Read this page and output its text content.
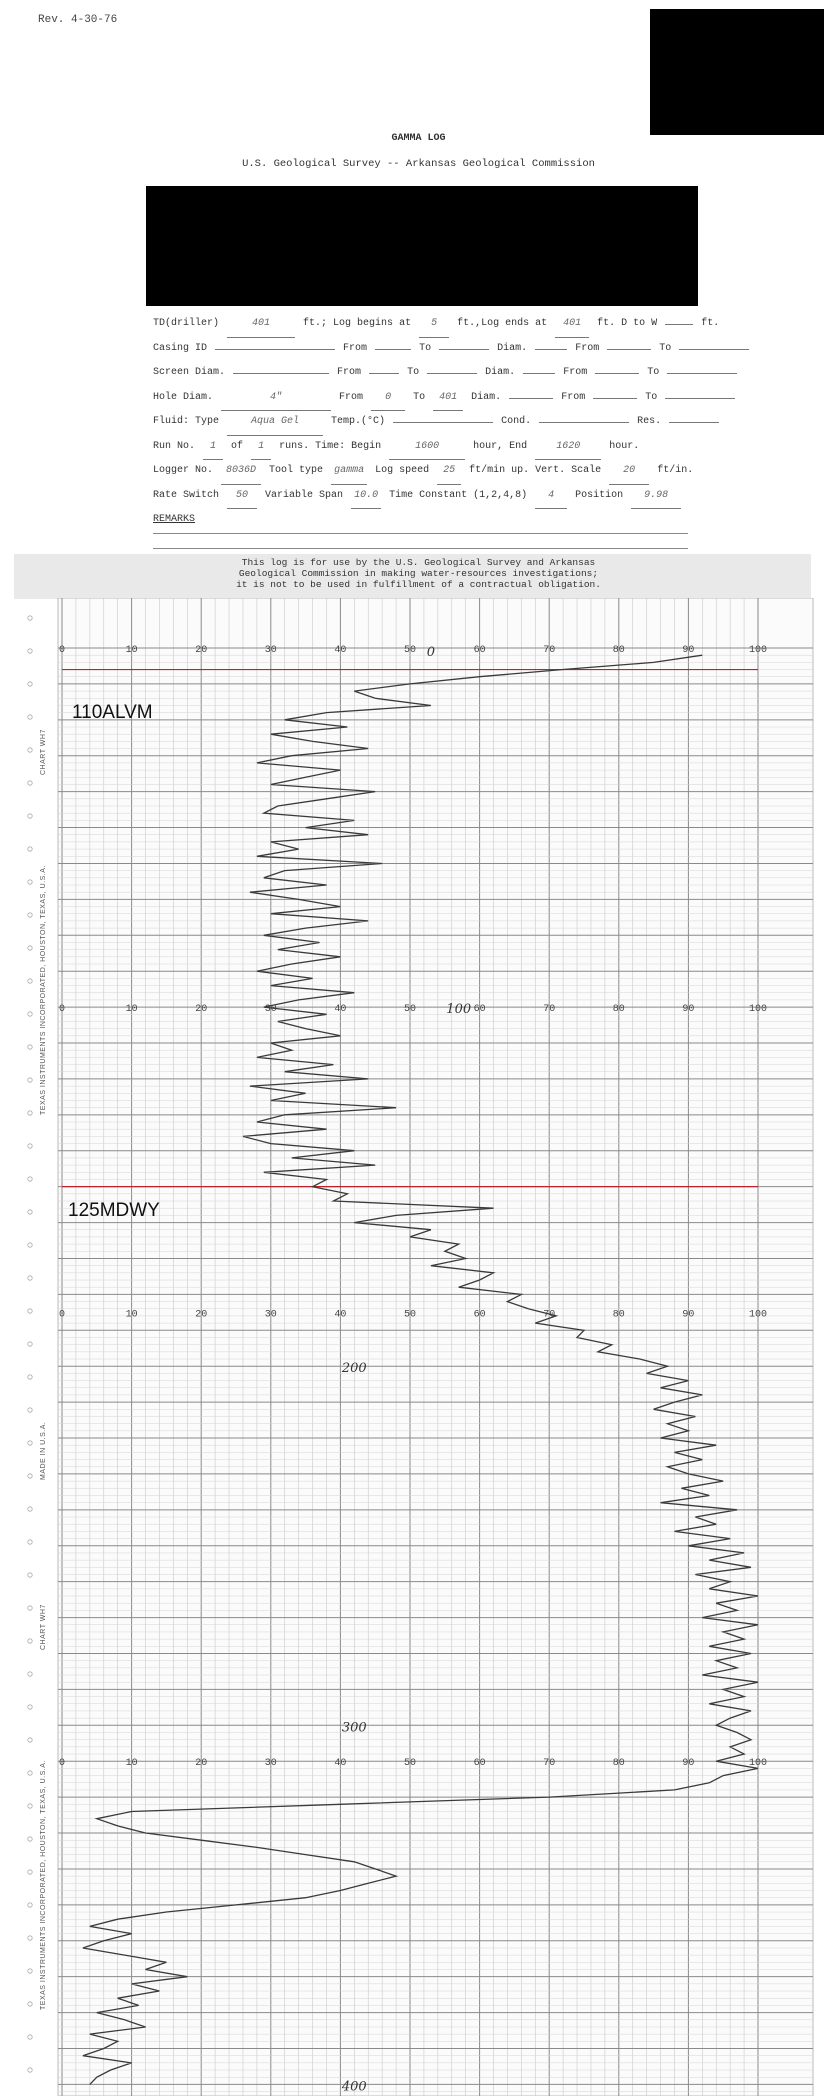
Rev. 4-30-76
GAMMA LOG
U.S. Geological Survey -- Arkansas Geological Commission
TD(driller)	401	ft.; Log begins at 5 ft.,Log ends at 401 ft. D to W	ft.
Casing ID	From	To	Diam.	From	To
Screen Diam.	From	To	Diam.	From	To
Hole Diam.	4"	From 0 To 401 Diam.	From	To
Fluid: Type	Aqua Gel	Temp.(°C)	Cond.	Res.
Run No. 1 of 1 runs. Time: Begin	1600	hour, End	1620	hour.
Logger No. 8036D Tool type gamma Log speed 25 ft/min up. Vert. Scale 20 ft/in.
Rate Switch 50 Variable Span 10.0 Time Constant (1,2,4,8) 4 Position 9.98
REMARKS
This log is for use by the U.S. Geological Survey and Arkansas
Geological Commission in making water-resources investigations;
it is not to be used in fulfillment of a contractual obligation.
0	10	20	30	40	50	60	70	80	90	100
0	10	20	30	40	50	60	70	80	90	100
0	10	20	30	40	50	60	70	80	90	100
0	10	20	30	40	50	60	70	80	90	100
0
100
200
300
400
110ALVM
125MDWY
CHART WH7
TEXAS INSTRUMENTS INCORPORATED, HOUSTON, TEXAS, U.S.A.
MADE IN U.S.A.
CHART WH7
TEXAS INSTRUMENTS INCORPORATED, HOUSTON, TEXAS, U.S.A.
